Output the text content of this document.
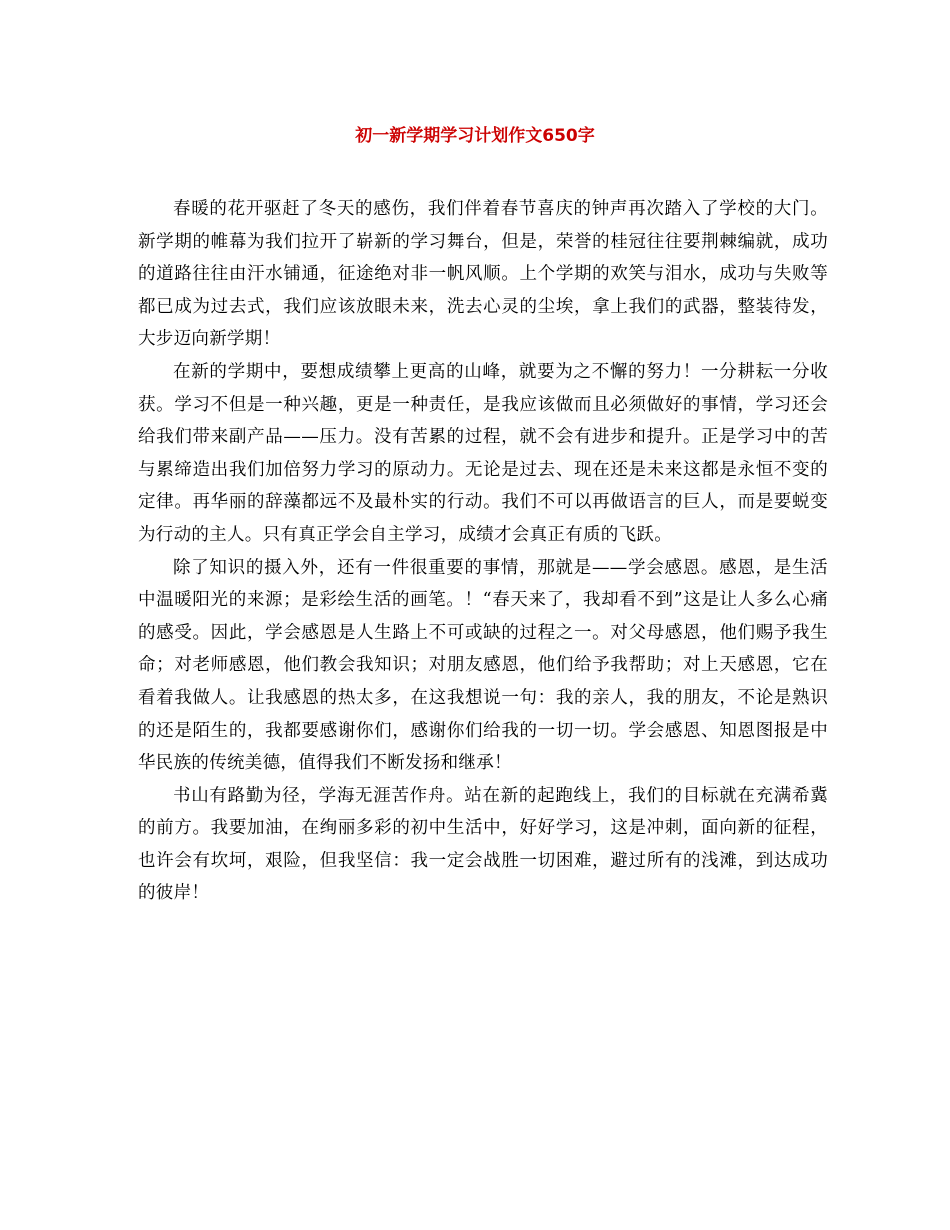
初一新学期学习计划作文650字

春暖的花开驱赶了冬天的感伤，我们伴着春节喜庆的钟声再次踏入了学校的大门。新学期的帷幕为我们拉开了崭新的学习舞台，但是，荣誉的桂冠往往要荆棘编就，成功的道路往往由汗水铺通，征途绝对非一帆风顺。上个学期的欢笑与泪水，成功与失败等都已成为过去式，我们应该放眼未来，洗去心灵的尘埃，拿上我们的武器，整装待发，大步迈向新学期！

在新的学期中，要想成绩攀上更高的山峰，就要为之不懈的努力！一分耕耘一分收获。学习不但是一种兴趣，更是一种责任，是我应该做而且必须做好的事情，学习还会给我们带来副产品——压力。没有苦累的过程，就不会有进步和提升。正是学习中的苦与累缔造出我们加倍努力学习的原动力。无论是过去、现在还是未来这都是永恒不变的定律。再华丽的辞藻都远不及最朴实的行动。我们不可以再做语言的巨人，而是要蜕变为行动的主人。只有真正学会自主学习，成绩才会真正有质的飞跃。

除了知识的摄入外，还有一件很重要的事情，那就是——学会感恩。感恩，是生活中温暖阳光的来源；是彩绘生活的画笔。！“春天来了，我却看不到”这是让人多么心痛的感受。因此，学会感恩是人生路上不可或缺的过程之一。对父母感恩，他们赐予我生命；对老师感恩，他们教会我知识；对朋友感恩，他们给予我帮助；对上天感恩，它在看着我做人。让我感恩的热太多，在这我想说一句：我的亲人，我的朋友，不论是熟识的还是陌生的，我都要感谢你们，感谢你们给我的一切一切。学会感恩、知恩图报是中华民族的传统美德，值得我们不断发扬和继承！

书山有路勤为径，学海无涯苦作舟。站在新的起跑线上，我们的目标就在充满希冀的前方。我要加油，在绚丽多彩的初中生活中，好好学习，这是冲刺，面向新的征程，也许会有坎坷，艰险，但我坚信：我一定会战胜一切困难，避过所有的浅滩，到达成功的彼岸！
